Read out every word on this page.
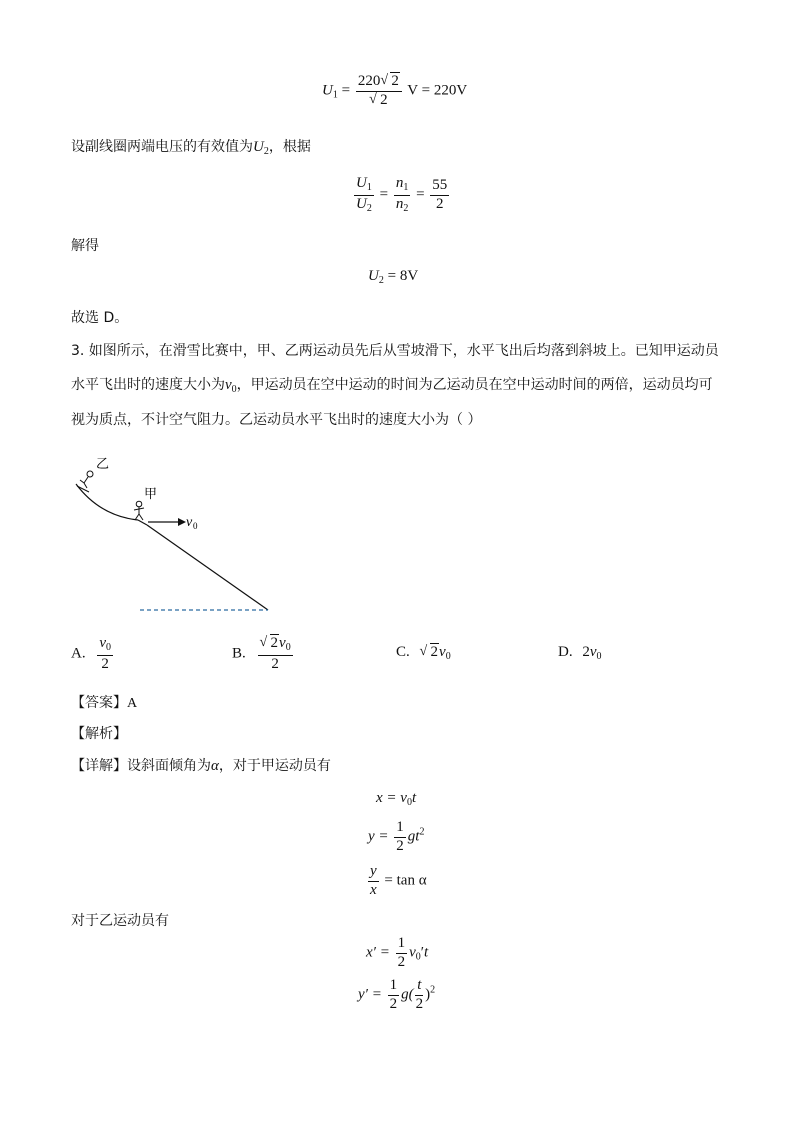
$U_1 = \frac{220 √ 2}{√ 2}$ V = 220V
设副线圈两端电压的有效值为$U_2$，根据
$\frac{U_1}{U_2} = \frac{n_1}{n_2} = \frac{55}{2}$
解得
$U_2 = 8V$
故选 D。
3. 如图所示，在滑雪比赛中，甲、乙两运动员先后从雪坡滑下，水平飞出后均落到斜坡上。已知甲运动员
水平飞出时的速度大小为$v_0$，甲运动员在空中运动的时间为乙运动员在空中运动时间的两倍，运动员均可
视为质点，不计空气阻力。乙运动员水平飞出时的速度大小为（ ）
乙
甲
v 0
A. $\frac{v_0}{2}$	B. $\frac{√ 2v_0}{2}$	C. √ $2v_0$	D. $2v_0$
【答案】A
【解析】
【详解】设斜面倾角为α，对于甲运动员有
$x = v_0t$
$y = \frac{1}{2} gt^2$
$\frac{y}{x} = \tan \alpha$
对于乙运动员有
$x' = \frac{1}{2} v_0't$
$y' = \frac{1}{2} g( \frac{t}{2} )^2$
